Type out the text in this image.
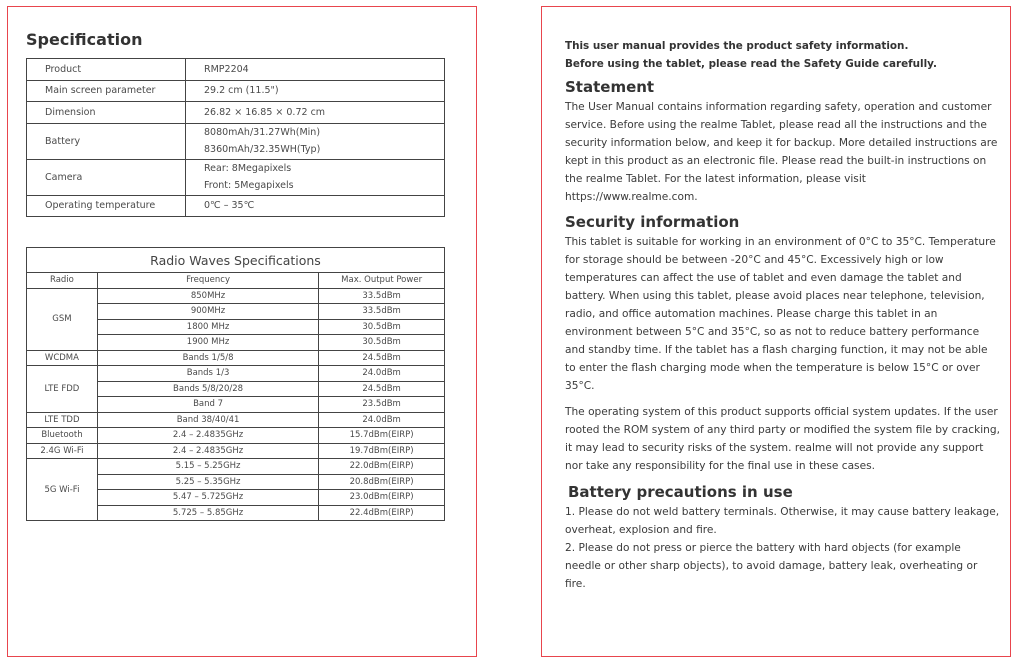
Specification
Product	RMP2204

Main screen parameter	29.2 cm (11.5")

Dimension	26.82 × 16.85 × 0.72 cm

Battery	8080mAh/31.27Wh(Min)
8360mAh/32.35WH(Typ)

Camera	Rear: 8Megapixels
Front: 5Megapixels

Operating temperature	0℃ – 35℃
Radio Waves Specifications		
Radio	Frequency	Max. Output Power
GSM	850MHz	33.5dBm
	900MHz	33.5dBm
	1800 MHz	30.5dBm
	1900 MHz	30.5dBm
WCDMA	Bands 1/5/8	24.5dBm
LTE FDD	Bands 1/3	24.0dBm
	Bands 5/8/20/28	24.5dBm
	Band 7	23.5dBm
LTE TDD	Band 38/40/41	24.0dBm
Bluetooth	2.4 – 2.4835GHz	15.7dBm(EIRP)
2.4G Wi-Fi	2.4 – 2.4835GHz	19.7dBm(EIRP)
5G Wi-Fi	5.15 – 5.25GHz	22.0dBm(EIRP)
	5.25 – 5.35GHz	20.8dBm(EIRP)
	5.47 – 5.725GHz	23.0dBm(EIRP)
	5.725 – 5.85GHz	22.4dBm(EIRP)
This user manual provides the product safety information.
Before using the tablet, please read the Safety Guide carefully.
Statement

The User Manual contains information regarding safety, operation and customer service. Before using the realme Tablet, please read all the instructions and the security information below, and keep it for backup. More detailed instructions are kept in this product as an electronic file. Please read the built-in instructions on the realme Tablet. For the latest information, please visit https://www.realme.com.

Security information

This tablet is suitable for working in an environment of 0°C to 35°C. Temperature for storage should be between -20°C and 45°C. Excessively high or low temperatures can affect the use of tablet and even damage the tablet and battery. When using this tablet, please avoid places near telephone, television, radio, and office automation machines. Please charge this tablet in an environment between 5°C and 35°C, so as not to reduce battery performance and standby time. If the tablet has a flash charging function, it may not be able to enter the flash charging mode when the temperature is below 15°C or over 35°C.

The operating system of this product supports official system updates. If the user rooted the ROM system of any third party or modified the system file by cracking, it may lead to security risks of the system. realme will not provide any support nor take any responsibility for the final use in these cases.

Battery precautions in use

1. Please do not weld battery terminals. Otherwise, it may cause battery leakage, overheat, explosion and fire.

2. Please do not press or pierce the battery with hard objects (for example needle or other sharp objects), to avoid damage, battery leak, overheating or fire.
